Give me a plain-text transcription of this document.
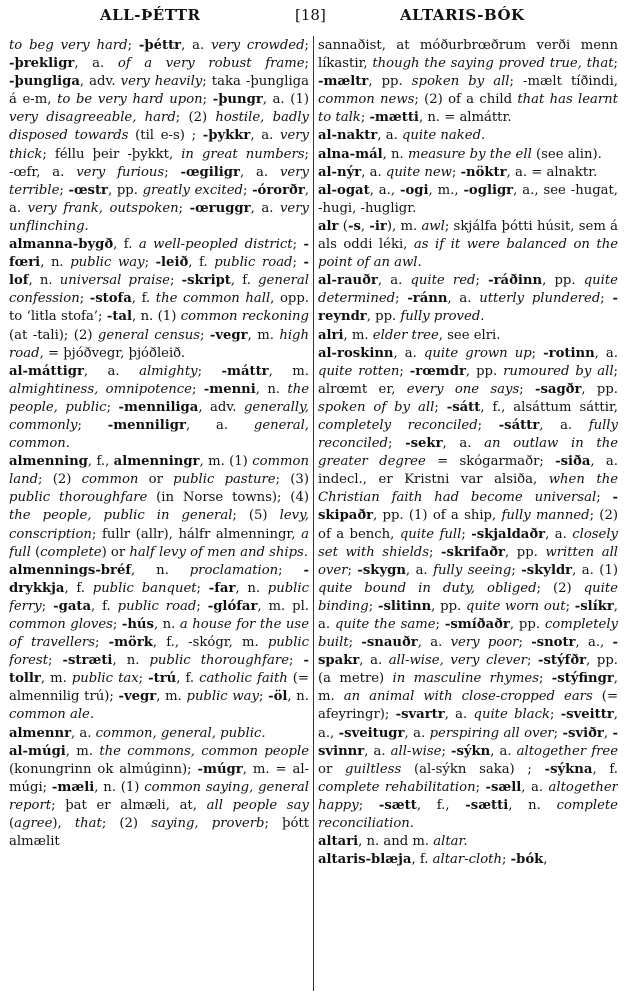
ALL-ÞÉTTR	[18]	ALTARIS-BÓK

to beg very hard; -þéttr, a. very crowded; -þrekligr, a. of a very robust frame; -þungliga, adv. very heavily; taka -þungliga á e-m, to be very hard upon; -þungr, a. (1) very disagreeable, hard; (2) hostile, badly disposed towards (til e-s) ; -þykkr, a. very thick; féllu þeir -þykkt, in great numbers; -œfr, a. very furious; -œgiligr, a. very terrible; -œstr, pp. greatly excited; -órorðr, a. very frank, outspoken; -œruggr, a. very unflinching.

almanna-bygð, f. a well-peopled district; -fœri, n. public way; -leið, f. public road; -lof, n. universal praise; -skript, f. general confession; -stofa, f. the common hall, opp. to ‘litla stofa’; -tal, n. (1) common reckoning (at -tali); (2) general census; -vegr, m. high road, = þjóðvegr, þjóðleið.

al-máttigr, a. almighty; -máttr, m. almightiness, omnipotence; -menni, n. the people, public; -menniliga, adv. generally, commonly; -menniligr, a. general, common.

almenning, f., almenningr, m. (1) common land; (2) common or public pasture; (3) public thoroughfare (in Norse towns); (4) the people, public in general; (5) levy, conscription; fullr (allr), hálfr almenningr, a full (complete) or half levy of men and ships.

almennings-bréf, n. proclamation; -drykkja, f. public banquet; -far, n. public ferry; -gata, f. public road; -glófar, m. pl. common gloves; -hús, n. a house for the use of travellers; -mörk, f., -skógr, m. public forest; -stræti, n. public thoroughfare; -tollr, m. public tax; -trú, f. catholic faith (= almennilig trú); -vegr, m. public way; -öl, n. common ale.

almennr, a. common, general, public.

al-múgi, m. the commons, common people (konungrinn ok almúginn); -múgr, m. = al-múgi; -mæli, n. (1) common saying, general report; þat er almæli, at, all people say (agree), that; (2) saying, proverb; þótt almælit

sannaðist, at móðurbrœðrum verði menn líkastir, though the saying proved true, that; -mæltr, pp. spoken by all; -mælt tíðindi, common news; (2) of a child that has learnt to talk; -mætti, n. = almáttr.

al-naktr, a. quite naked.

alna-mál, n. measure by the ell (see alin).

al-nýr, a. quite new; -nöktr, a. = alnaktr.

al-ogat, a., -ogi, m., -ogligr, a., see -hugat, -hugi, -hugligr.

alr (-s, -ir), m. awl; skjálfa þótti húsit, sem á als oddi léki, as if it were balanced on the point of an awl.

al-rauðr, a. quite red; -ráðinn, pp. quite determined; -ránn, a. utterly plundered; -reyndr, pp. fully proved.

alri, m. elder tree, see elri.

al-roskinn, a. quite grown up; -rotinn, a. quite rotten; -rœmdr, pp. rumoured by all; alrœmt er, every one says; -sagðr, pp. spoken of by all; -sátt, f., alsáttum sáttir, completely reconciled; -sáttr, a. fully reconciled; -sekr, a. an outlaw in the greater degree = skógarmaðr; -siða, a. indecl., er Kristni var alsiða, when the Christian faith had become universal; -skipaðr, pp. (1) of a ship, fully manned; (2) of a bench, quite full; -skjaldaðr, a. closely set with shields; -skrifaðr, pp. written all over; -skygn, a. fully seeing; -skyldr, a. (1) quite bound in duty, obliged; (2) quite binding; -slitinn, pp. quite worn out; -slíkr, a. quite the same; -smíðaðr, pp. completely built; -snauðr, a. very poor; -snotr, a., -spakr, a. all-wise, very clever; -stýfðr, pp. (a metre) in masculine rhymes; -stýfingr, m. an animal with close-cropped ears (= afeyringr); -svartr, a. quite black; -sveittr, a., -sveitugr, a. perspiring all over; -sviðr, -svinnr, a. all-wise; -sýkn, a. altogether free or guiltless (al-sýkn saka) ; -sýkna, f. complete rehabilitation; -sæll, a. altogether happy; -sætt, f., -sætti, n. complete reconciliation.

altari, n. and m. altar.

altaris-blæja, f. altar-cloth; -bók,
